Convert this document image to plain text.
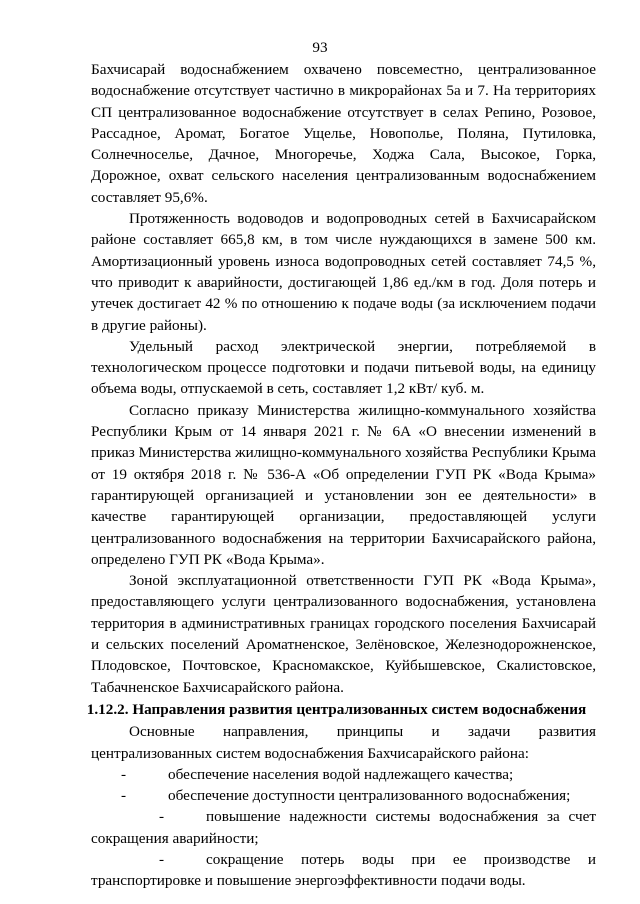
93

Бахчисарай водоснабжением охвачено повсеместно, централизованное водоснабжение отсутствует частично в микрорайонах 5а и 7. На территориях СП централизованное водоснабжение отсутствует в селах Репино, Розовое, Рассадное, Аромат, Богатое Ущелье, Новополье, Поляна, Путиловка, Солнечноселье, Дачное, Многоречье, Ходжа Сала, Высокое, Горка, Дорожное, охват сельского населения централизованным водоснабжением составляет 95,6%.

Протяженность водоводов и водопроводных сетей в Бахчисарайском районе составляет 665,8 км, в том числе нуждающихся в замене 500 км. Амортизационный уровень износа водопроводных сетей составляет 74,5 %, что приводит к аварийности, достигающей 1,86 ед./км в год. Доля потерь и утечек достигает 42 % по отношению к подаче воды (за исключением подачи в другие районы).

Удельный расход электрической энергии, потребляемой в технологическом процессе подготовки и подачи питьевой воды, на единицу объема воды, отпускаемой в сеть, составляет 1,2 кВт/ куб. м.

Согласно приказу Министерства жилищно-коммунального хозяйства Республики Крым от 14 января 2021 г. № 6А «О внесении изменений в приказ Министерства жилищно-коммунального хозяйства Республики Крыма от 19 октября 2018 г. № 536-А «Об определении ГУП РК «Вода Крыма» гарантирующей организацией и установлении зон ее деятельности» в качестве гарантирующей организации, предоставляющей услуги централизованного водоснабжения на территории Бахчисарайского района, определено ГУП РК «Вода Крыма».

Зоной эксплуатационной ответственности ГУП РК «Вода Крыма», предоставляющего услуги централизованного водоснабжения, установлена территория в административных границах городского поселения Бахчисарай и сельских поселений Ароматненское, Зелёновское, Железнодорожненское, Плодовское, Почтовское, Красномакское, Куйбышевское, Скалистовское, Табачненское Бахчисарайского района.

1.12.2. Направления развития централизованных систем водоснабжения

Основные направления, принципы и задачи развития централизованных систем водоснабжения Бахчисарайского района:

-	обеспечение населения водой надлежащего качества;
-	обеспечение доступности централизованного водоснабжения;

-	повышение надежности системы водоснабжения за счет сокращения аварийности;

-	сокращение потерь воды при ее производстве и транспортировке и повышение энергоэффективности подачи воды.
